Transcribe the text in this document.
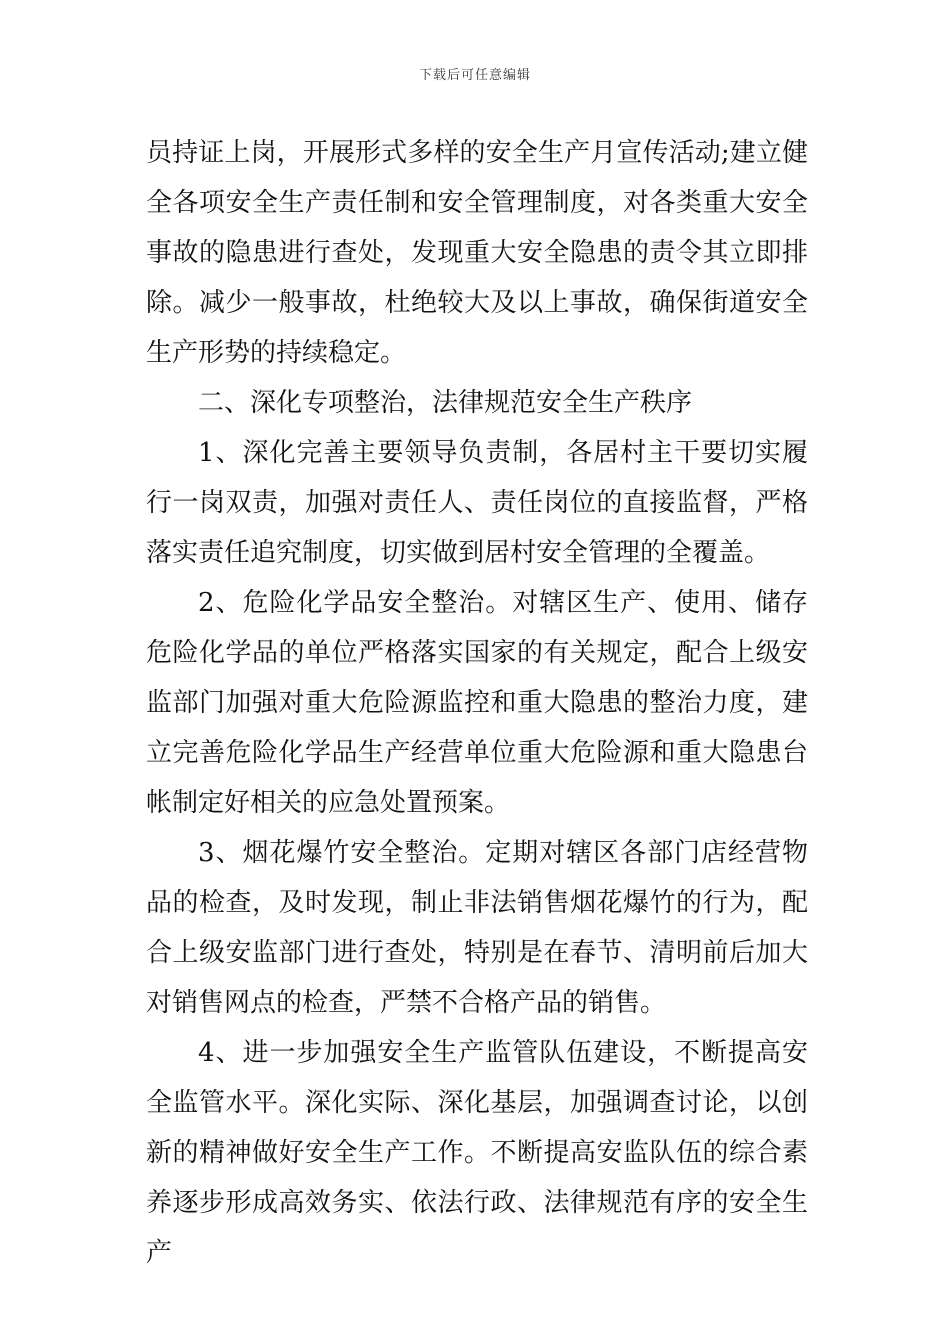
下载后可任意编辑

员持证上岗，开展形式多样的安全生产月宣传活动;建立健全各项安全生产责任制和安全管理制度，对各类重大安全事故的隐患进行查处，发现重大安全隐患的责令其立即排除。减少一般事故，杜绝较大及以上事故，确保街道安全生产形势的持续稳定。

二、深化专项整治，法律规范安全生产秩序

1、深化完善主要领导负责制，各居村主干要切实履行一岗双责，加强对责任人、责任岗位的直接监督，严格落实责任追究制度，切实做到居村安全管理的全覆盖。

2、危险化学品安全整治。对辖区生产、使用、储存危险化学品的单位严格落实国家的有关规定，配合上级安监部门加强对重大危险源监控和重大隐患的整治力度，建立完善危险化学品生产经营单位重大危险源和重大隐患台帐制定好相关的应急处置预案。

3、烟花爆竹安全整治。定期对辖区各部门店经营物品的检查，及时发现，制止非法销售烟花爆竹的行为，配合上级安监部门进行查处，特别是在春节、清明前后加大对销售网点的检查，严禁不合格产品的销售。

4、进一步加强安全生产监管队伍建设，不断提高安全监管水平。深化实际、深化基层，加强调查讨论，以创新的精神做好安全生产工作。不断提高安监队伍的综合素养逐步形成高效务实、依法行政、法律规范有序的安全生产
